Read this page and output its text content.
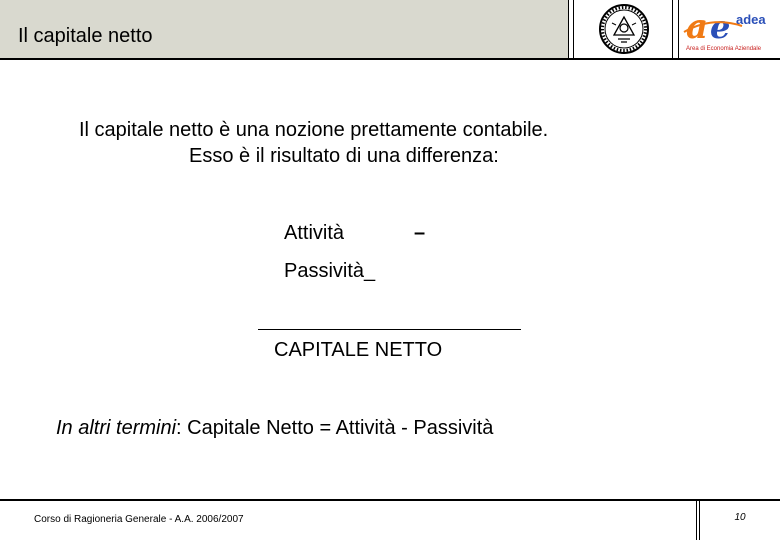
Il capitale netto	a e adea
Area di Economia Aziendale
Il capitale netto è una nozione prettamente contabile.
Esso è il risultato di una differenza:
Attività	–
Passività_
CAPITALE NETTO
In altri termini: Capitale Netto = Attività - Passività
Corso di Ragioneria Generale - A.A. 2006/2007	10
